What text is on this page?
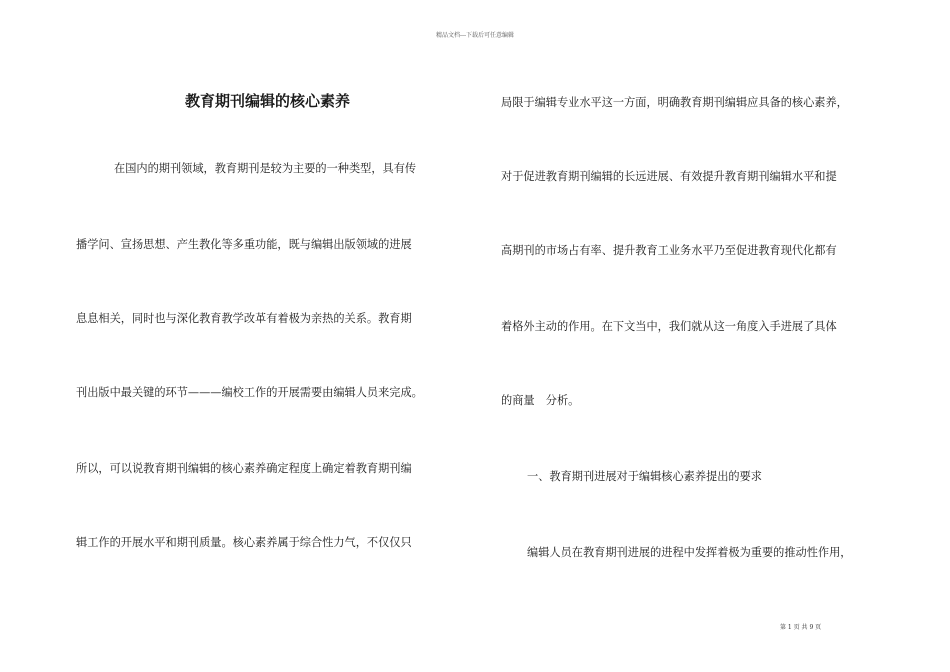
精品文档---下载后可任意编辑
教育期刊编辑的核心素养
在国内的期刊领域，教育期刊是较为主要的一种类型，具有传
播学问、宣扬思想、产生教化等多重功能，既与编辑出版领域的进展
息息相关，同时也与深化教育教学改革有着极为亲热的关系。教育期
刊出版中最关键的环节———编校工作的开展需要由编辑人员来完成。
所以，可以说教育期刊编辑的核心素养确定程度上确定着教育期刊编
辑工作的开展水平和期刊质量。核心素养属于综合性力气，不仅仅只
局限于编辑专业水平这一方面，明确教育期刊编辑应具备的核心素养，
对于促进教育期刊编辑的长远进展、有效提升教育期刊编辑水平和提
高期刊的市场占有率、提升教育工业务水平乃至促进教育现代化都有
着格外主动的作用。在下文当中，我们就从这一角度入手进展了具体
的商量　分析。
一、教育期刊进展对于编辑核心素养提出的要求
编辑人员在教育期刊进展的进程中发挥着极为重要的推动性作用，
第 1 页 共 9 页
